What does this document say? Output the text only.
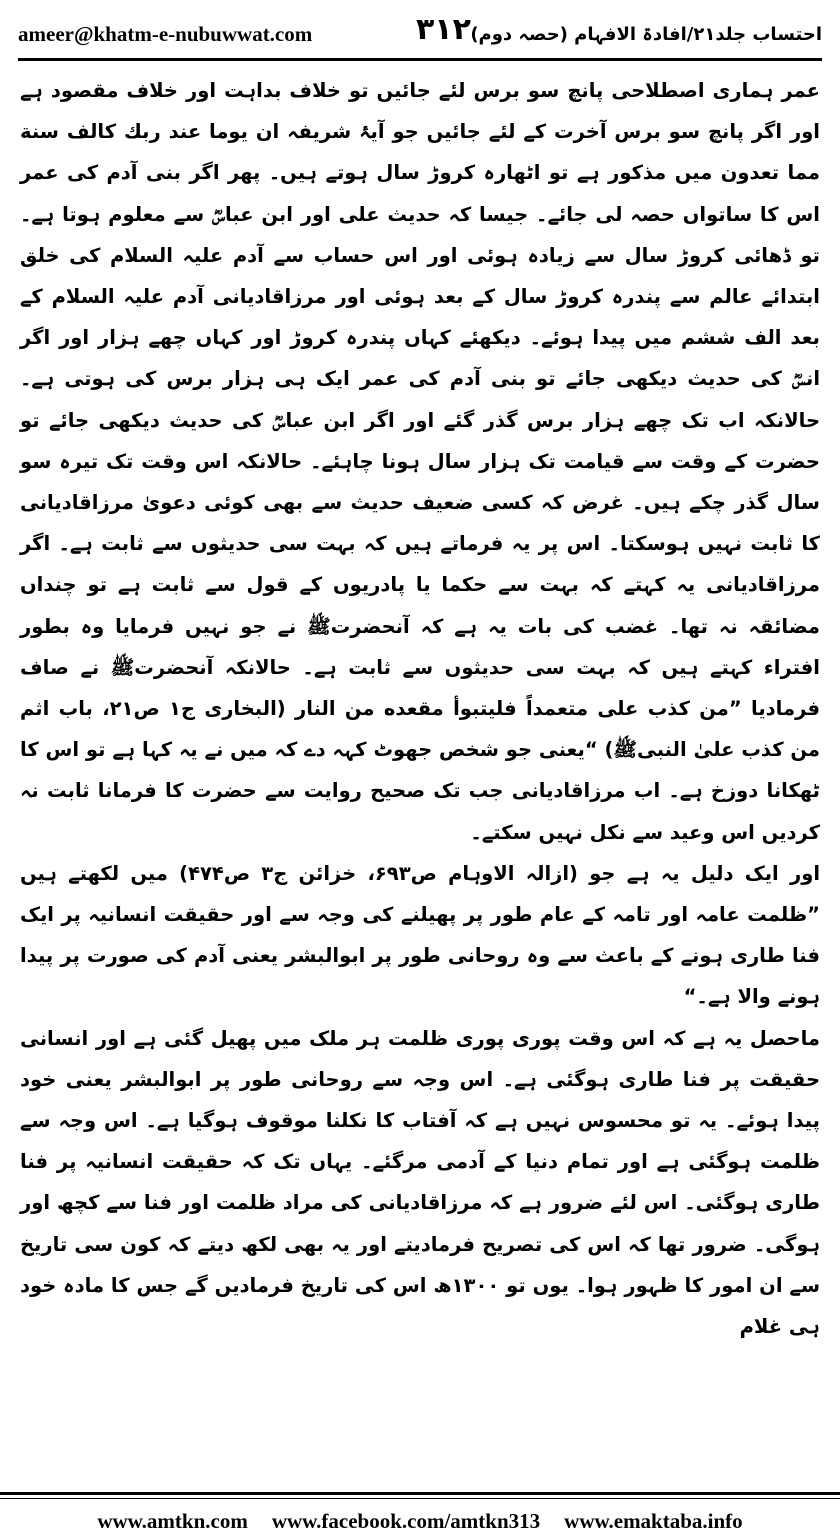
ameer@khatm-e-nubuwwat.com	۳۱۲ احتساب جلد۲۱/افادۃ الافہام (حصہ دوم)

عمر ہماری اصطلاحی پانچ سو برس لئے جائیں تو خلاف بداہت اور خلاف مقصود ہے اور اگر پانچ سو برس آخرت کے لئے جائیں جو آیۂ شریفہ ان یوما عند ربك كالف سنة مما تعدون میں مذکور ہے تو اٹھارہ کروڑ سال ہوتے ہیں۔ پھر اگر بنی آدم کی عمر اس کا ساتواں حصہ لی جائے۔ جیسا کہ حدیث علی اور ابن عباسؓ سے معلوم ہوتا ہے۔ تو ڈھائی کروڑ سال سے زیادہ ہوئی اور اس حساب سے آدم علیہ السلام کی خلق ابتدائے عالم سے پندرہ کروڑ سال کے بعد ہوئی اور مرزاقادیانی آدم علیہ السلام کے بعد الف ششم میں پیدا ہوئے۔ دیکھئے کہاں پندرہ کروڑ اور کہاں چھے ہزار اور اگر انسؓ کی حدیث دیکھی جائے تو بنی آدم کی عمر ایک ہی ہزار برس کی ہوتی ہے۔ حالانکہ اب تک چھے ہزار برس گذر گئے اور اگر ابن عباسؓ کی حدیث دیکھی جائے تو حضرت کے وقت سے قیامت تک ہزار سال ہونا چاہئے۔ حالانکہ اس وقت تک تیرہ سو سال گذر چکے ہیں۔ غرض کہ کسی ضعیف حدیث سے بھی کوئی دعویٰ مرزاقادیانی کا ثابت نہیں ہوسکتا۔ اس پر یہ فرماتے ہیں کہ بہت سی حدیثوں سے ثابت ہے۔ اگر مرزاقادیانی یہ کہتے کہ بہت سے حکما یا پادریوں کے قول سے ثابت ہے تو چنداں مضائقہ نہ تھا۔ غضب کی بات یہ ہے کہ آنحضرتﷺ نے جو نہیں فرمایا وہ بطور افتراء کہتے ہیں کہ بہت سی حدیثوں سے ثابت ہے۔ حالانکہ آنحضرتﷺ نے صاف فرمادیا ”من كذب على متعمداً فليتبوأ مقعده من النار (البخاری ج۱ ص۲۱، باب اثم من كذب علىٰ النبیﷺ) “یعنی جو شخص جھوٹ کہہ دے کہ میں نے یہ کہا ہے تو اس کا ٹھکانا دوزخ ہے۔ اب مرزاقادیانی جب تک صحیح روایت سے حضرت کا فرمانا ثابت نہ کردیں اس وعید سے نکل نہیں سکتے۔

اور ایک دلیل یہ ہے جو (ازالہ الاوہام ص۶۹۳، خزائن ج۳ ص۴۷۴) میں لکھتے ہیں ”ظلمت عامہ اور تامہ کے عام طور پر پھیلنے کی وجہ سے اور حقیقت انسانیہ پر ایک فنا طاری ہونے کے باعث سے وہ روحانی طور پر ابوالبشر یعنی آدم کی صورت پر پیدا ہونے والا ہے۔“

ماحصل یہ ہے کہ اس وقت پوری پوری ظلمت ہر ملک میں پھیل گئی ہے اور انسانی حقیقت پر فنا طاری ہوگئی ہے۔ اس وجہ سے روحانی طور پر ابوالبشر یعنی خود پیدا ہوئے۔ یہ تو محسوس نہیں ہے کہ آفتاب کا نکلنا موقوف ہوگیا ہے۔ اس وجہ سے ظلمت ہوگئی ہے اور تمام دنیا کے آدمی مرگئے۔ یہاں تک کہ حقیقت انسانیہ پر فنا طاری ہوگئی۔ اس لئے ضرور ہے کہ مرزاقادیانی کی مراد ظلمت اور فنا سے کچھ اور ہوگی۔ ضرور تھا کہ اس کی تصریح فرمادیتے اور یہ بھی لکھ دیتے کہ کون سی تاریخ سے ان امور کا ظہور ہوا۔ یوں تو ۱۳۰۰ھ اس کی تاریخ فرمادیں گے جس کا مادہ خود ہی غلام

www.amtkn.com www.facebook.com/amtkn313 www.emaktaba.info
